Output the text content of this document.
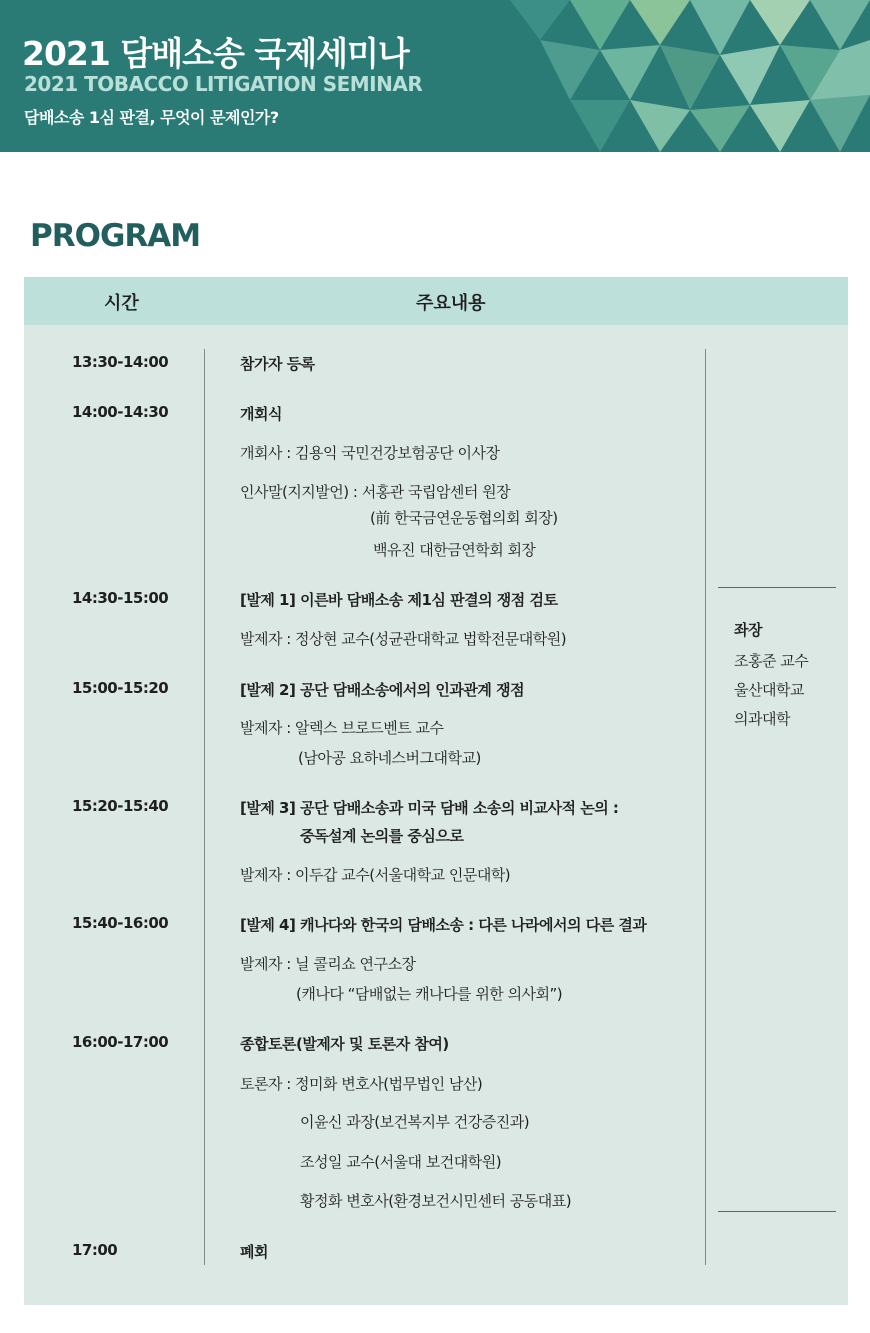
2021 담배소송 국제세미나
2021 TOBACCO LITIGATION SEMINAR
담배소송 1심 판결, 무엇이 문제인가?
PROGRAM
시간	주요내용
13:30-14:00	참가자 등록
14:00-14:30	개회식
개회사 : 김용익 국민건강보험공단 이사장
인사말(지지발언) : 서홍관 국립암센터 원장
(前 한국금연운동협의회 회장)
백유진 대한금연학회 회장
14:30-15:00	[발제 1] 이른바 담배소송 제1심 판결의 쟁점 검토
발제자 : 정상현 교수(성균관대학교 법학전문대학원)
15:00-15:20	[발제 2] 공단 담배소송에서의 인과관계 쟁점
발제자 : 알렉스 브로드벤트 교수
(남아공 요하네스버그대학교)
15:20-15:40	[발제 3] 공단 담배소송과 미국 담배 소송의 비교사적 논의 :
중독설계 논의를 중심으로
발제자 : 이두갑 교수(서울대학교 인문대학)
15:40-16:00	[발제 4] 캐나다와 한국의 담배소송 : 다른 나라에서의 다른 결과
발제자 : 닐 콜리쇼 연구소장
(캐나다 “담배없는 캐나다를 위한 의사회”)
16:00-17:00	종합토론(발제자 및 토론자 참여)
토론자 : 정미화 변호사(법무법인 남산)
이윤신 과장(보건복지부 건강증진과)
조성일 교수(서울대 보건대학원)
황정화 변호사(환경보건시민센터 공동대표)
17:00	폐회
좌장
조홍준 교수
울산대학교
의과대학
